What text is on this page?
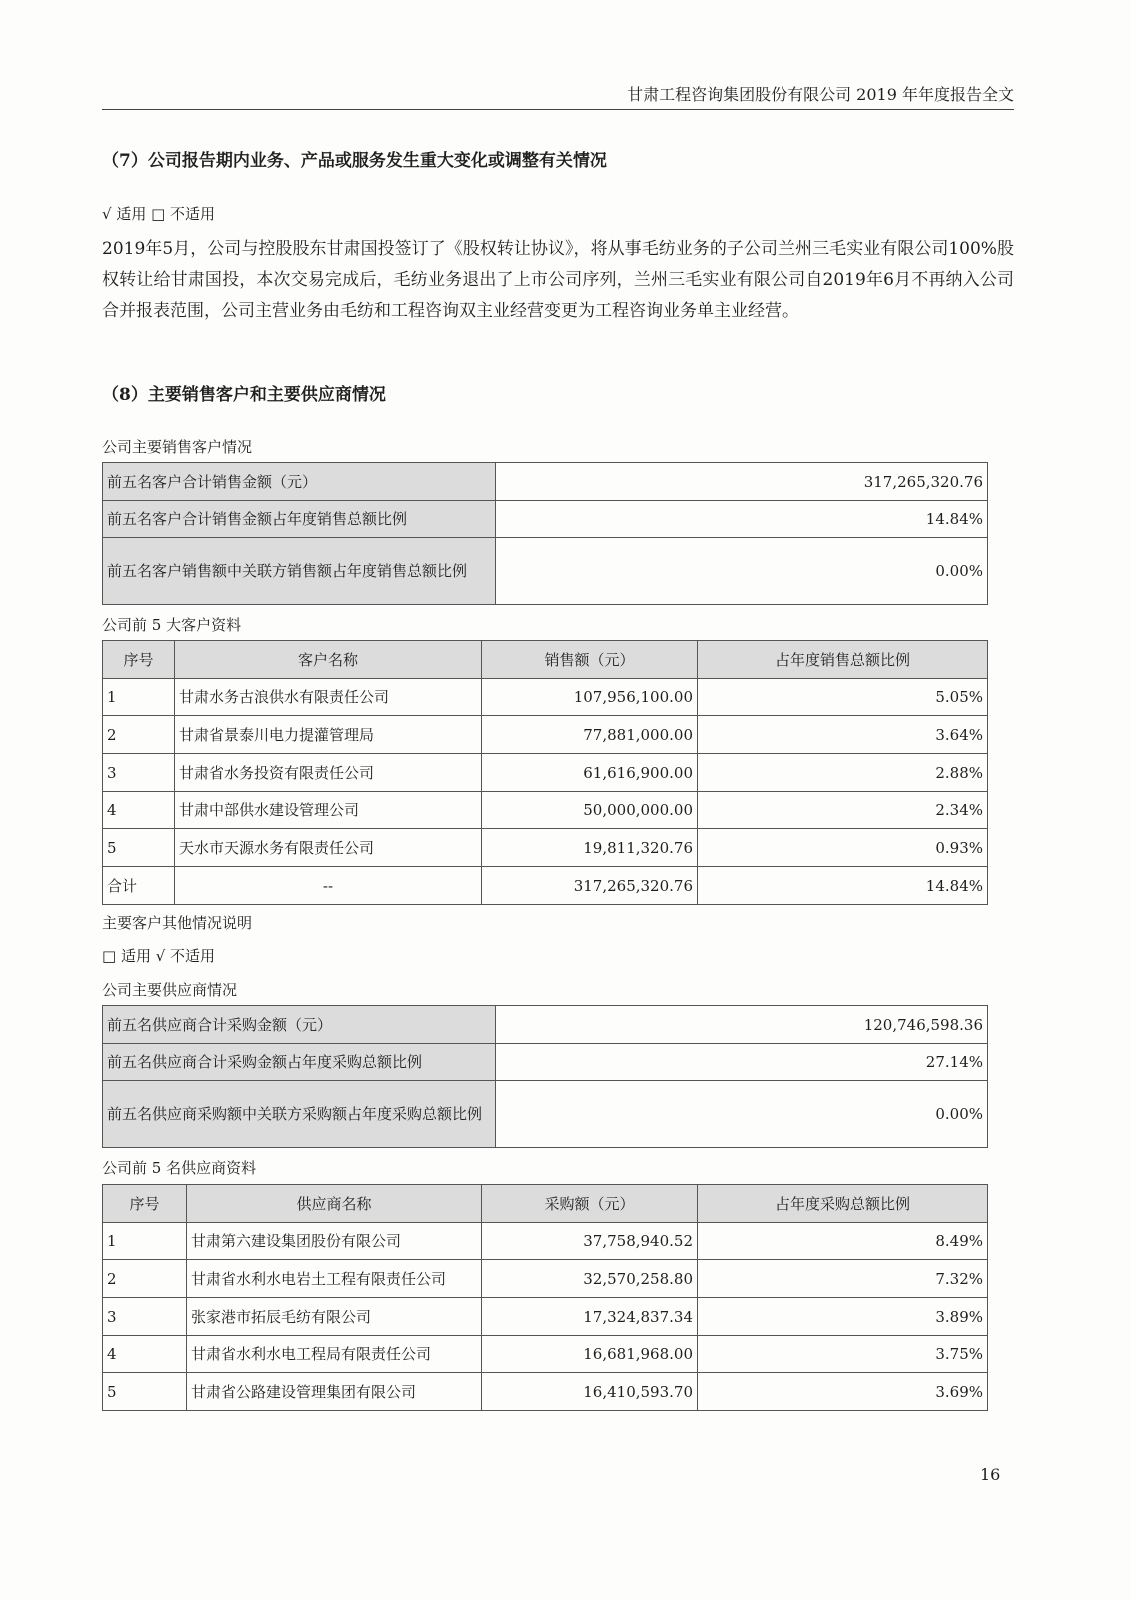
甘肃工程咨询集团股份有限公司 2019 年年度报告全文
（7）公司报告期内业务、产品或服务发生重大变化或调整有关情况
√ 适用 □ 不适用
2019年5月，公司与控股股东甘肃国投签订了《股权转让协议》，将从事毛纺业务的子公司兰州三毛实业有限公司100%股权转让给甘肃国投，本次交易完成后，毛纺业务退出了上市公司序列，兰州三毛实业有限公司自2019年6月不再纳入公司合并报表范围，公司主营业务由毛纺和工程咨询双主业经营变更为工程咨询业务单主业经营。
（8）主要销售客户和主要供应商情况
公司主要销售客户情况
前五名客户合计销售金额（元）	317,265,320.76
前五名客户合计销售金额占年度销售总额比例	14.84%
前五名客户销售额中关联方销售额占年度销售总额比例	0.00%
公司前 5 大客户资料
序号	客户名称	销售额（元）	占年度销售总额比例
1	甘肃水务古浪供水有限责任公司	107,956,100.00	5.05%
2	甘肃省景泰川电力提灌管理局	77,881,000.00	3.64%
3	甘肃省水务投资有限责任公司	61,616,900.00	2.88%
4	甘肃中部供水建设管理公司	50,000,000.00	2.34%
5	天水市天源水务有限责任公司	19,811,320.76	0.93%
合计	--	317,265,320.76	14.84%
主要客户其他情况说明
□ 适用 √ 不适用
公司主要供应商情况
前五名供应商合计采购金额（元）	120,746,598.36
前五名供应商合计采购金额占年度采购总额比例	27.14%
前五名供应商采购额中关联方采购额占年度采购总额比例	0.00%
公司前 5 名供应商资料
序号	供应商名称	采购额（元）	占年度采购总额比例
1	甘肃第六建设集团股份有限公司	37,758,940.52	8.49%
2	甘肃省水利水电岩土工程有限责任公司	32,570,258.80	7.32%
3	张家港市拓辰毛纺有限公司	17,324,837.34	3.89%
4	甘肃省水利水电工程局有限责任公司	16,681,968.00	3.75%
5	甘肃省公路建设管理集团有限公司	16,410,593.70	3.69%
16
